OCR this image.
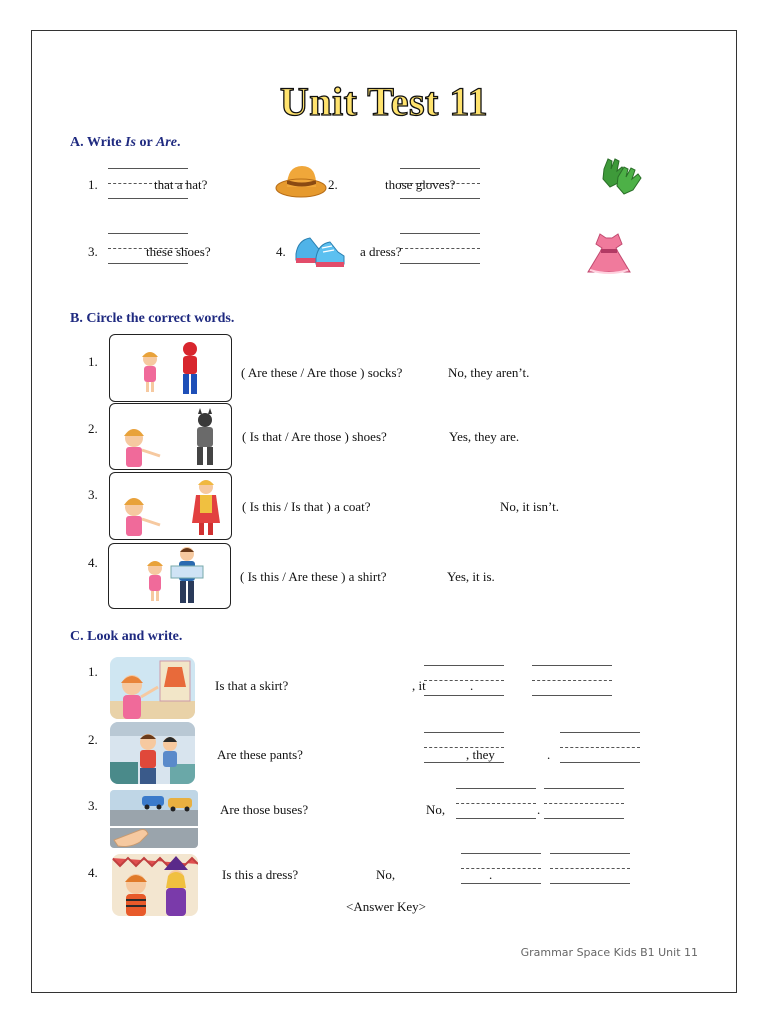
Unit Test 11
A. Write Is or Are.
1.	that a hat?	2.	those gloves?
3.	these shoes?	4.	a dress?
B. Circle the correct words.
1.
( Are these / Are those ) socks?	No, they aren’t.
2.
( Is that / Are those ) shoes?	Yes, they are.
3.
( Is this / Is that ) a coat?	No, it isn’t.
4.
( Is this / Are these ) a shirt?	Yes, it is.
C. Look and write.
1.
Is that a skirt?	, it	.
2.
Are these pants?	, they	.
3.	Are those buses?	No,	.
4.	Is this a dress?	No,	.
<Answer Key>
Grammar Space Kids B1 Unit 11
